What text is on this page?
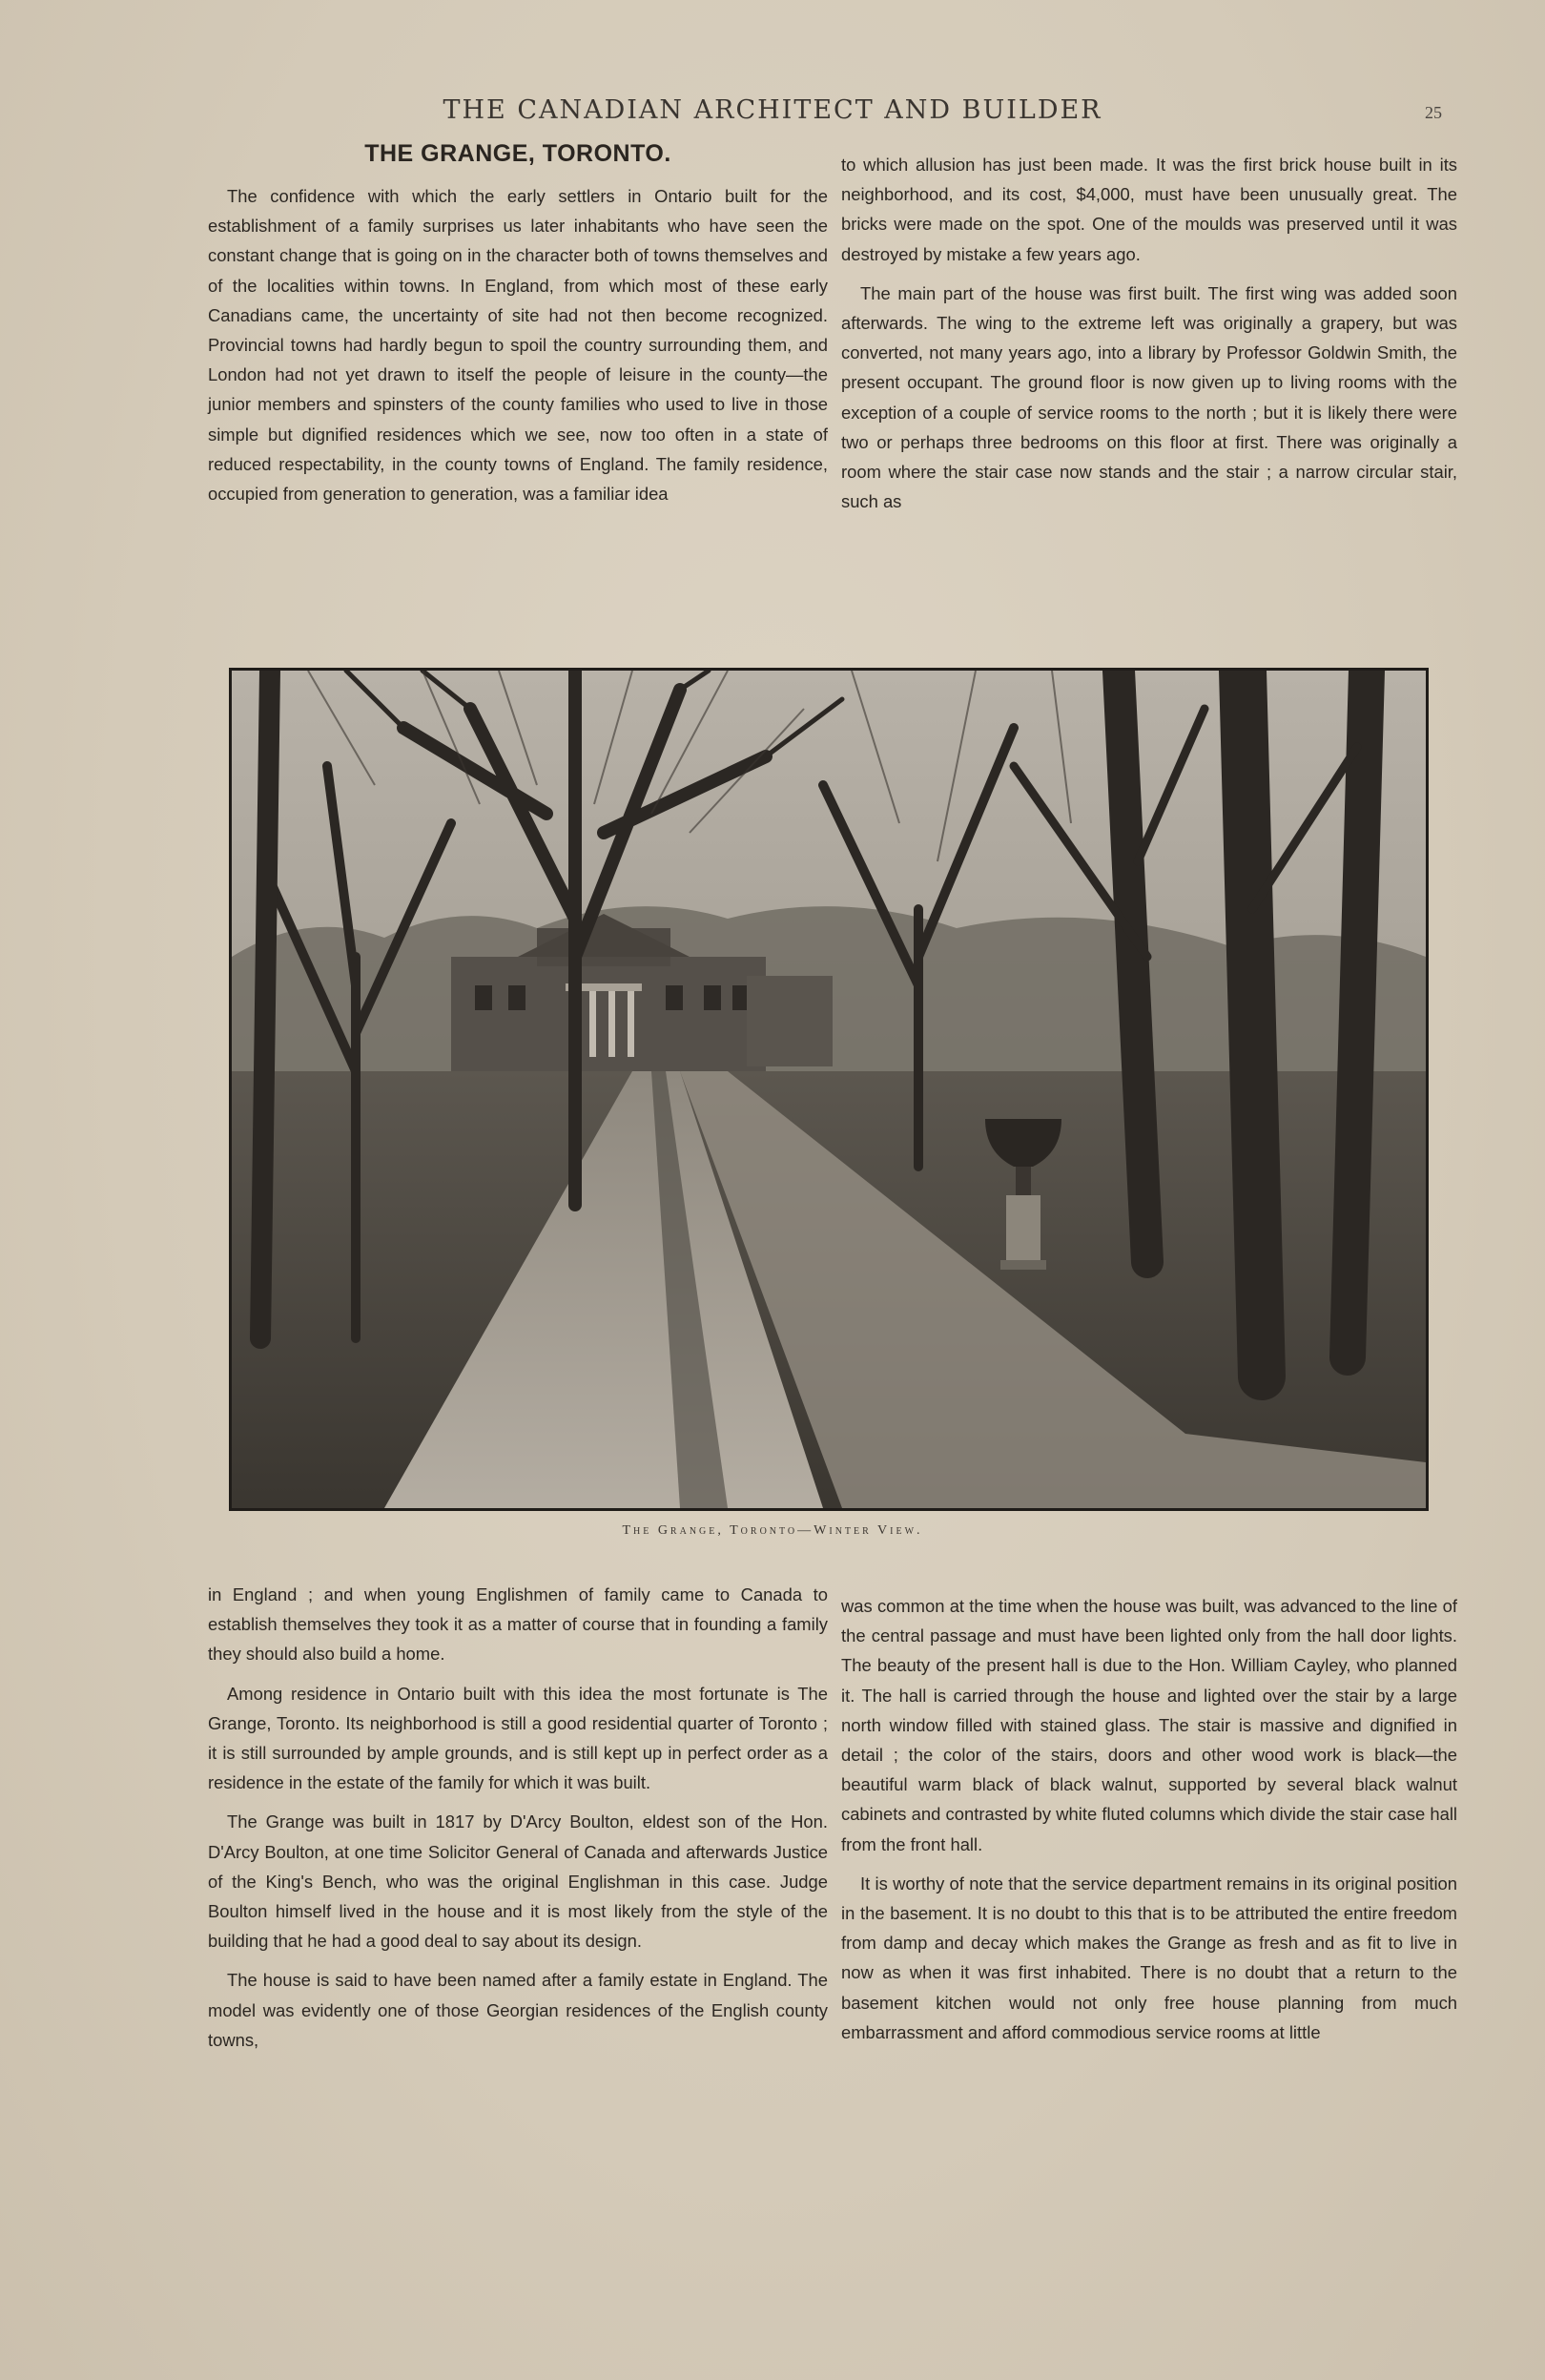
THE CANADIAN ARCHITECT AND BUILDER	25
THE GRANGE, TORONTO.

The confidence with which the early settlers in Ontario built for the establishment of a family surprises us later inhabitants who have seen the constant change that is going on in the character both of towns themselves and of the localities within towns. In England, from which most of these early Canadians came, the uncertainty of site had not then become recognized. Provincial towns had hardly begun to spoil the country surrounding them, and London had not yet drawn to itself the people of leisure in the county—the junior members and spinsters of the county families who used to live in those simple but dignified residences which we see, now too often in a state of reduced respectability, in the county towns of England. The family residence, occupied from generation to generation, was a familiar idea

to which allusion has just been made. It was the first brick house built in its neighborhood, and its cost, $4,000, must have been unusually great. The bricks were made on the spot. One of the moulds was preserved until it was destroyed by mistake a few years ago.

The main part of the house was first built. The first wing was added soon afterwards. The wing to the extreme left was originally a grapery, but was converted, not many years ago, into a library by Professor Goldwin Smith, the present occupant. The ground floor is now given up to living rooms with the exception of a couple of service rooms to the north ; but it is likely there were two or perhaps three bedrooms on this floor at first. There was originally a room where the stair case now stands and the stair ; a narrow circular stair, such as

The Grange, Toronto—Winter View.

in England ; and when young Englishmen of family came to Canada to establish themselves they took it as a matter of course that in founding a family they should also build a home.

Among residence in Ontario built with this idea the most fortunate is The Grange, Toronto. Its neighborhood is still a good residential quarter of Toronto ; it is still surrounded by ample grounds, and is still kept up in perfect order as a residence in the estate of the family for which it was built.

The Grange was built in 1817 by D'Arcy Boulton, eldest son of the Hon. D'Arcy Boulton, at one time Solicitor General of Canada and afterwards Justice of the King's Bench, who was the original Englishman in this case. Judge Boulton himself lived in the house and it is most likely from the style of the building that he had a good deal to say about its design.

The house is said to have been named after a family estate in England. The model was evidently one of those Georgian residences of the English county towns,

was common at the time when the house was built, was advanced to the line of the central passage and must have been lighted only from the hall door lights. The beauty of the present hall is due to the Hon. William Cayley, who planned it. The hall is carried through the house and lighted over the stair by a large north window filled with stained glass. The stair is massive and dignified in detail ; the color of the stairs, doors and other wood work is black—the beautiful warm black of black walnut, supported by several black walnut cabinets and contrasted by white fluted columns which divide the stair case hall from the front hall.

It is worthy of note that the service department remains in its original position in the basement. It is no doubt to this that is to be attributed the entire freedom from damp and decay which makes the Grange as fresh and as fit to live in now as when it was first inhabited. There is no doubt that a return to the basement kitchen would not only free house planning from much embarrassment and afford commodious service rooms at little
